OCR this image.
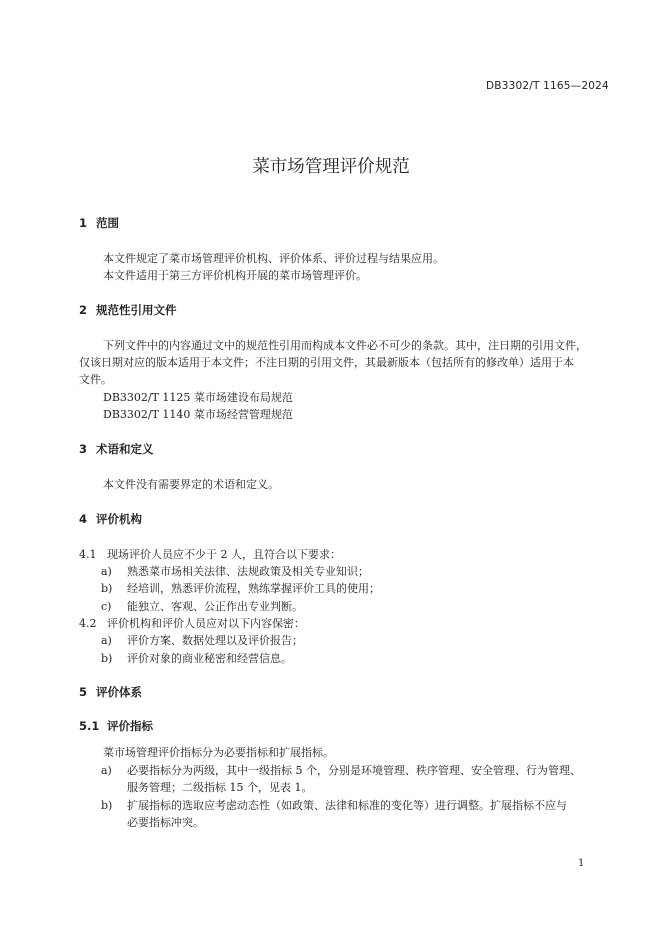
DB3302/T 1165—2024
菜市场管理评价规范
1 范围
本文件规定了菜市场管理评价机构、评价体系、评价过程与结果应用。
本文件适用于第三方评价机构开展的菜市场管理评价。
2 规范性引用文件
下列文件中的内容通过文中的规范性引用而构成本文件必不可少的条款。其中，注日期的引用文件，
仅该日期对应的版本适用于本文件；不注日期的引用文件，其最新版本（包括所有的修改单）适用于本
文件。
DB3302/T 1125 菜市场建设布局规范
DB3302/T 1140 菜市场经营管理规范
3 术语和定义
本文件没有需要界定的术语和定义。
4 评价机构
4.1 现场评价人员应不少于 2 人，且符合以下要求：
a) 熟悉菜市场相关法律、法规政策及相关专业知识；
b) 经培训，熟悉评价流程，熟练掌握评价工具的使用；
c) 能独立、客观、公正作出专业判断。
4.2 评价机构和评价人员应对以下内容保密：
a) 评价方案、数据处理以及评价报告；
b) 评价对象的商业秘密和经营信息。
5 评价体系
5.1 评价指标
菜市场管理评价指标分为必要指标和扩展指标。
a) 必要指标分为两级，其中一级指标 5 个，分别是环境管理、秩序管理、安全管理、行为管理、
服务管理；二级指标 15 个，见表 1。
b) 扩展指标的选取应考虑动态性（如政策、法律和标准的变化等）进行调整。扩展指标不应与
必要指标冲突。
1
